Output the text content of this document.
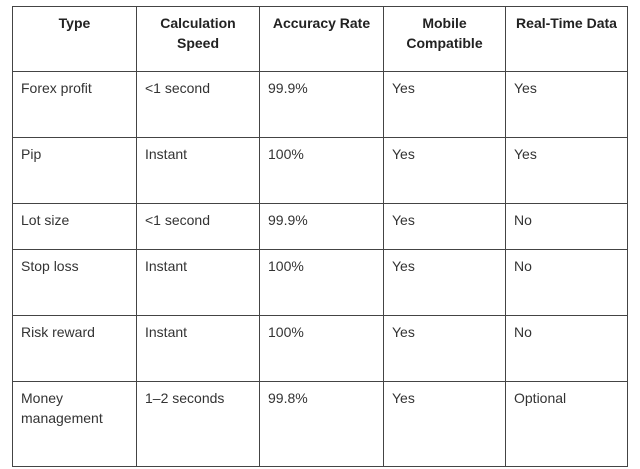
Type	Calculation Speed	Accuracy Rate	Mobile Compatible	Real-Time Data
Forex profit	<1 second	99.9%	Yes	Yes
Pip	Instant	100%	Yes	Yes
Lot size	<1 second	99.9%	Yes	No
Stop loss	Instant	100%	Yes	No
Risk reward	Instant	100%	Yes	No
Money management	1–2 seconds	99.8%	Yes	Optional
